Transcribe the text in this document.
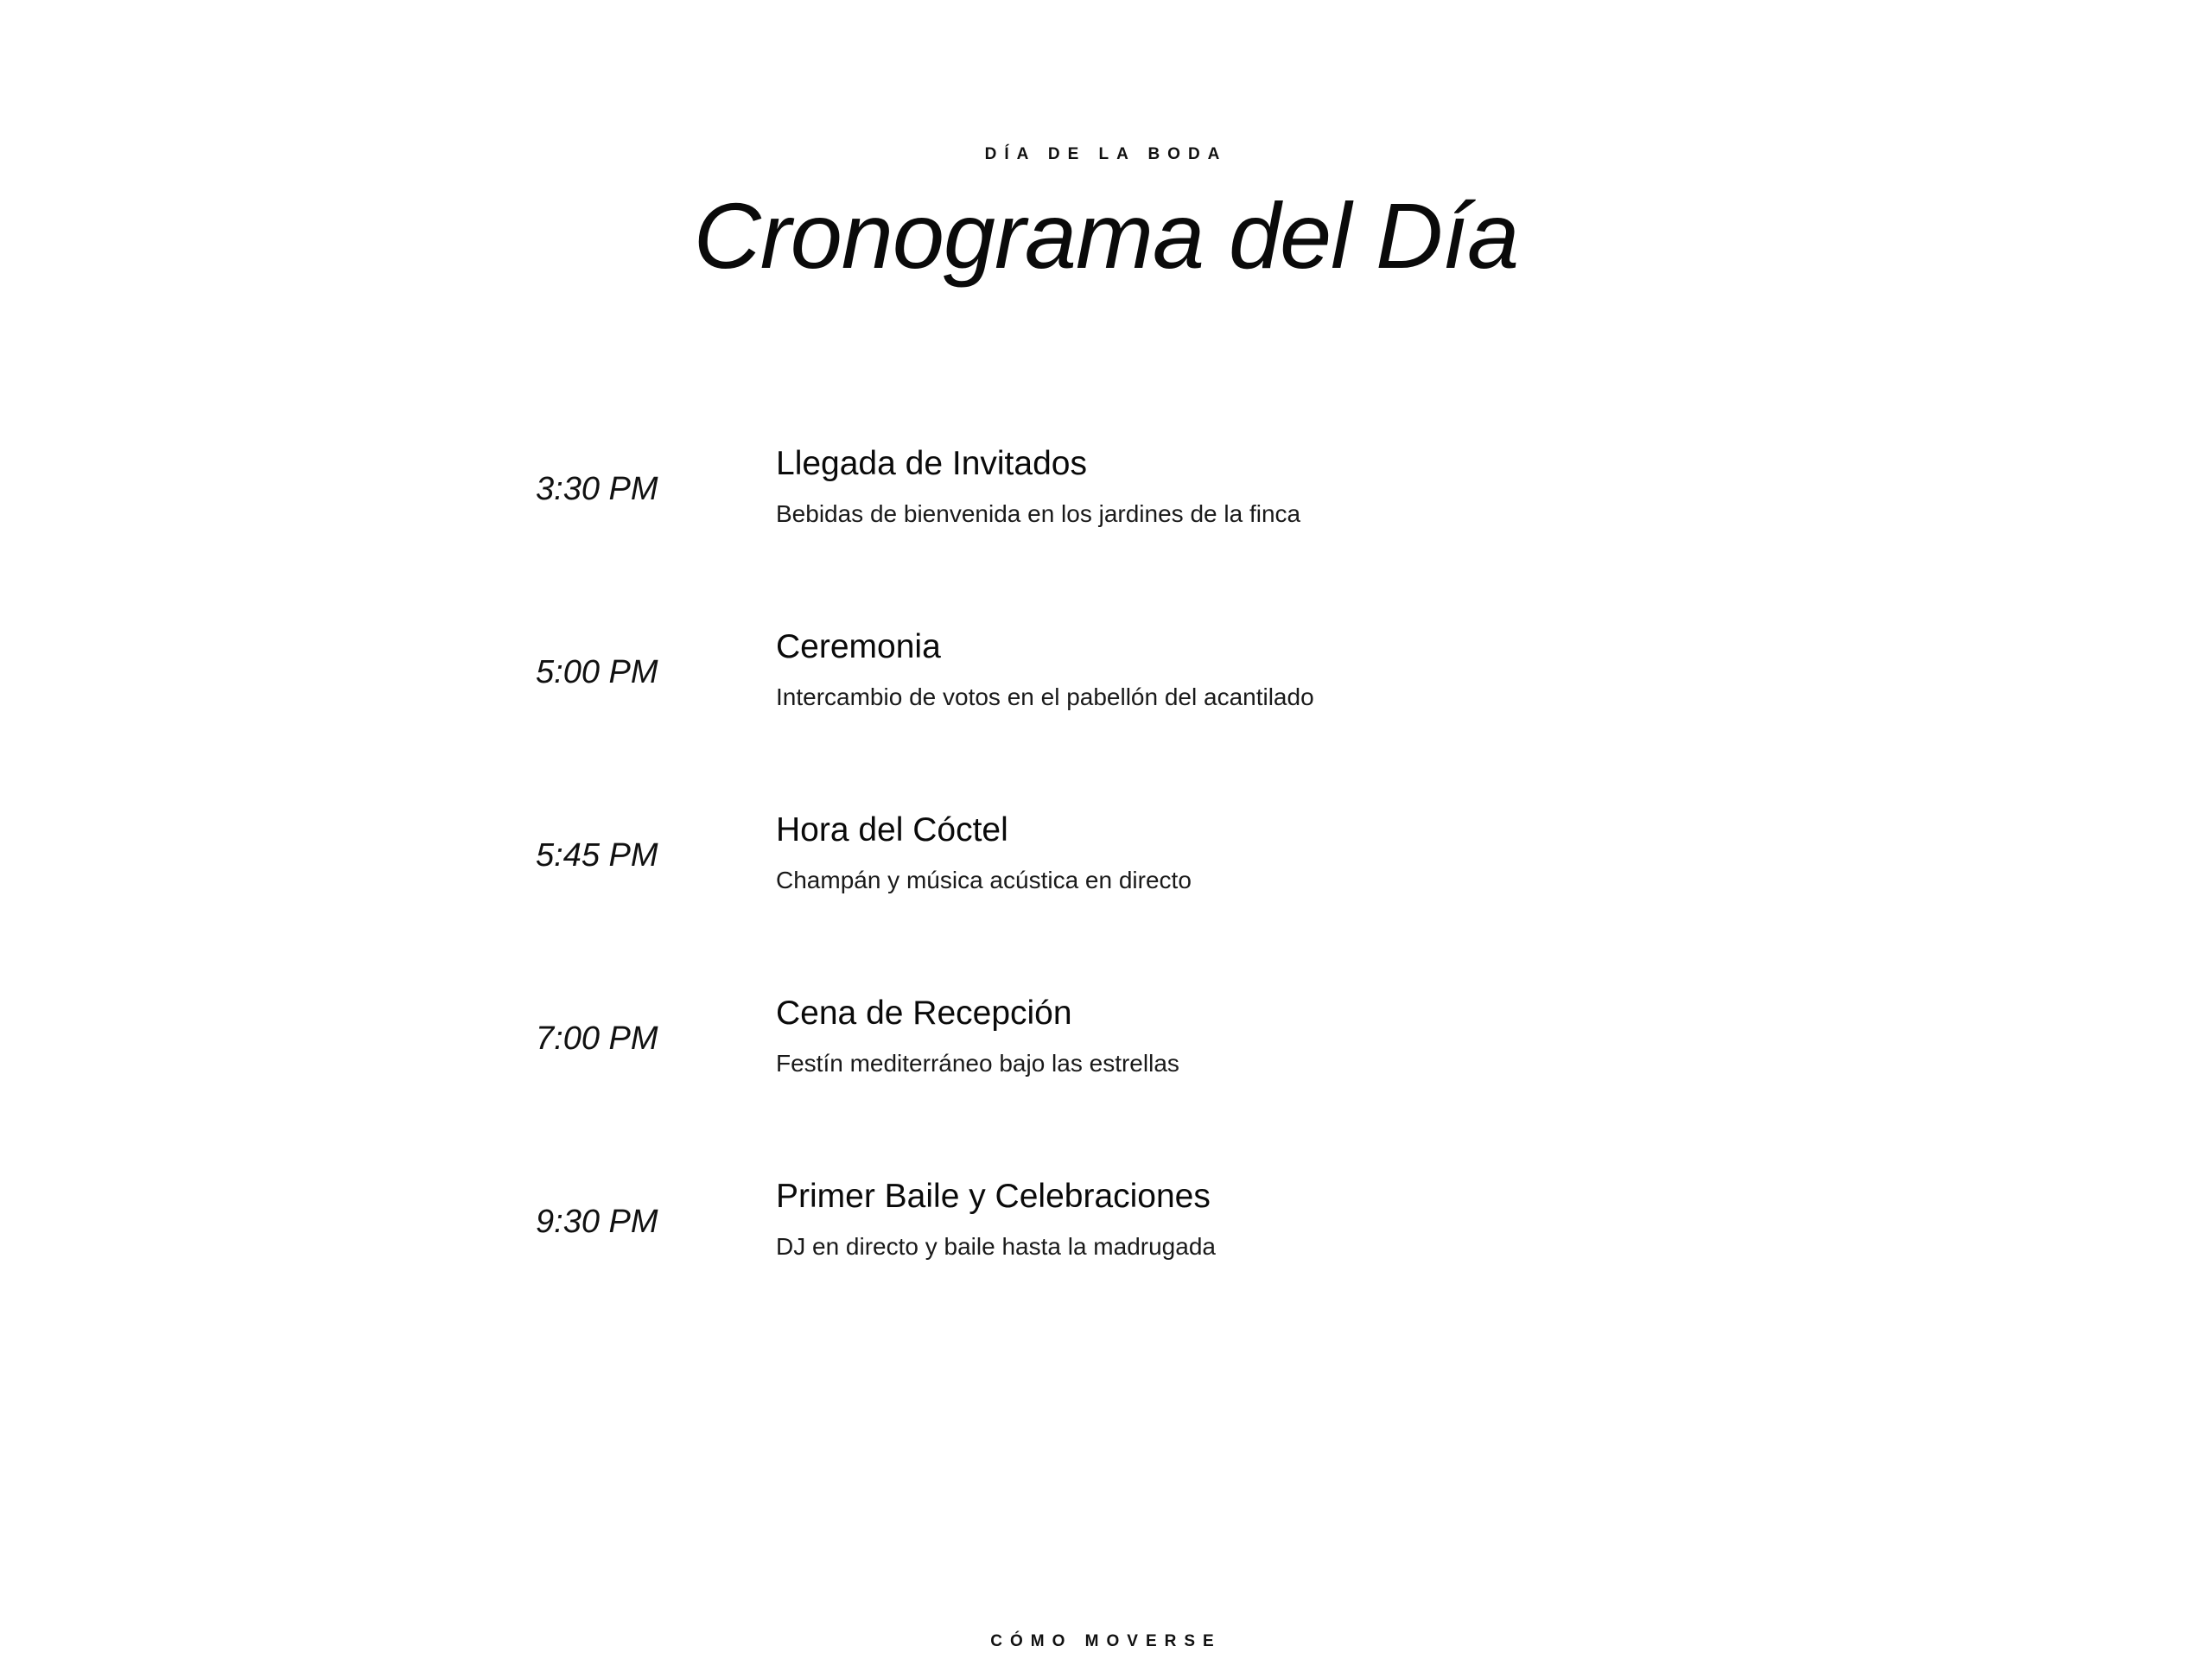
DÍA DE LA BODA
Cronograma del Día
3:30 PM
Llegada de Invitados
Bebidas de bienvenida en los jardines de la finca
5:00 PM
Ceremonia
Intercambio de votos en el pabellón del acantilado
5:45 PM
Hora del Cóctel
Champán y música acústica en directo
7:00 PM
Cena de Recepción
Festín mediterráneo bajo las estrellas
9:30 PM
Primer Baile y Celebraciones
DJ en directo y baile hasta la madrugada
CÓMO MOVERSE
